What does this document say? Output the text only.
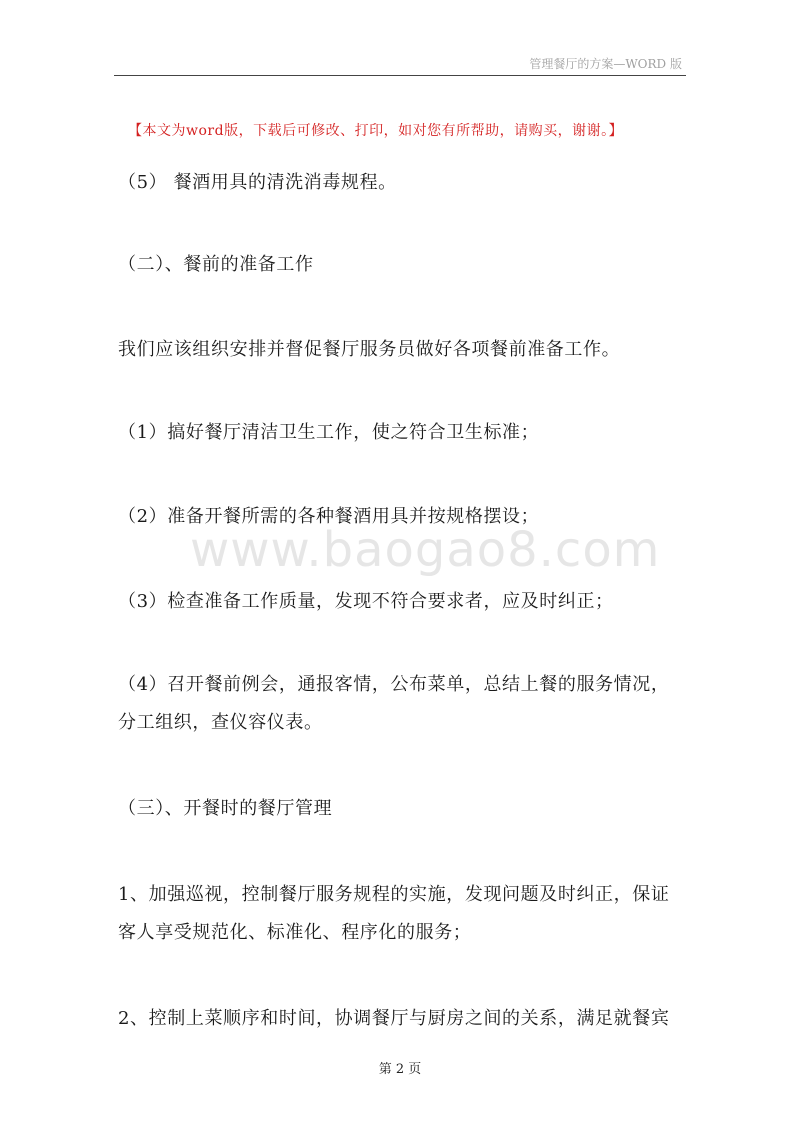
管理餐厅的方案—WORD 版
【本文为word版，下载后可修改、打印，如对您有所帮助，请购买，谢谢。】
www.baogao8.com

（5） 餐酒用具的清洗消毒规程。

（二）、餐前的准备工作

我们应该组织安排并督促餐厅服务员做好各项餐前准备工作。

（1）搞好餐厅清洁卫生工作，使之符合卫生标准；

（2）准备开餐所需的各种餐酒用具并按规格摆设；

（3）检查准备工作质量，发现不符合要求者，应及时纠正；

（4）召开餐前例会，通报客情，公布菜单，总结上餐的服务情况，分工组织，查仪容仪表。

（三）、开餐时的餐厅管理

1、加强巡视，控制餐厅服务规程的实施，发现问题及时纠正，保证客人享受规范化、标准化、程序化的服务；

2、控制上菜顺序和时间，协调餐厅与厨房之间的关系，满足就餐宾

第 2 页
